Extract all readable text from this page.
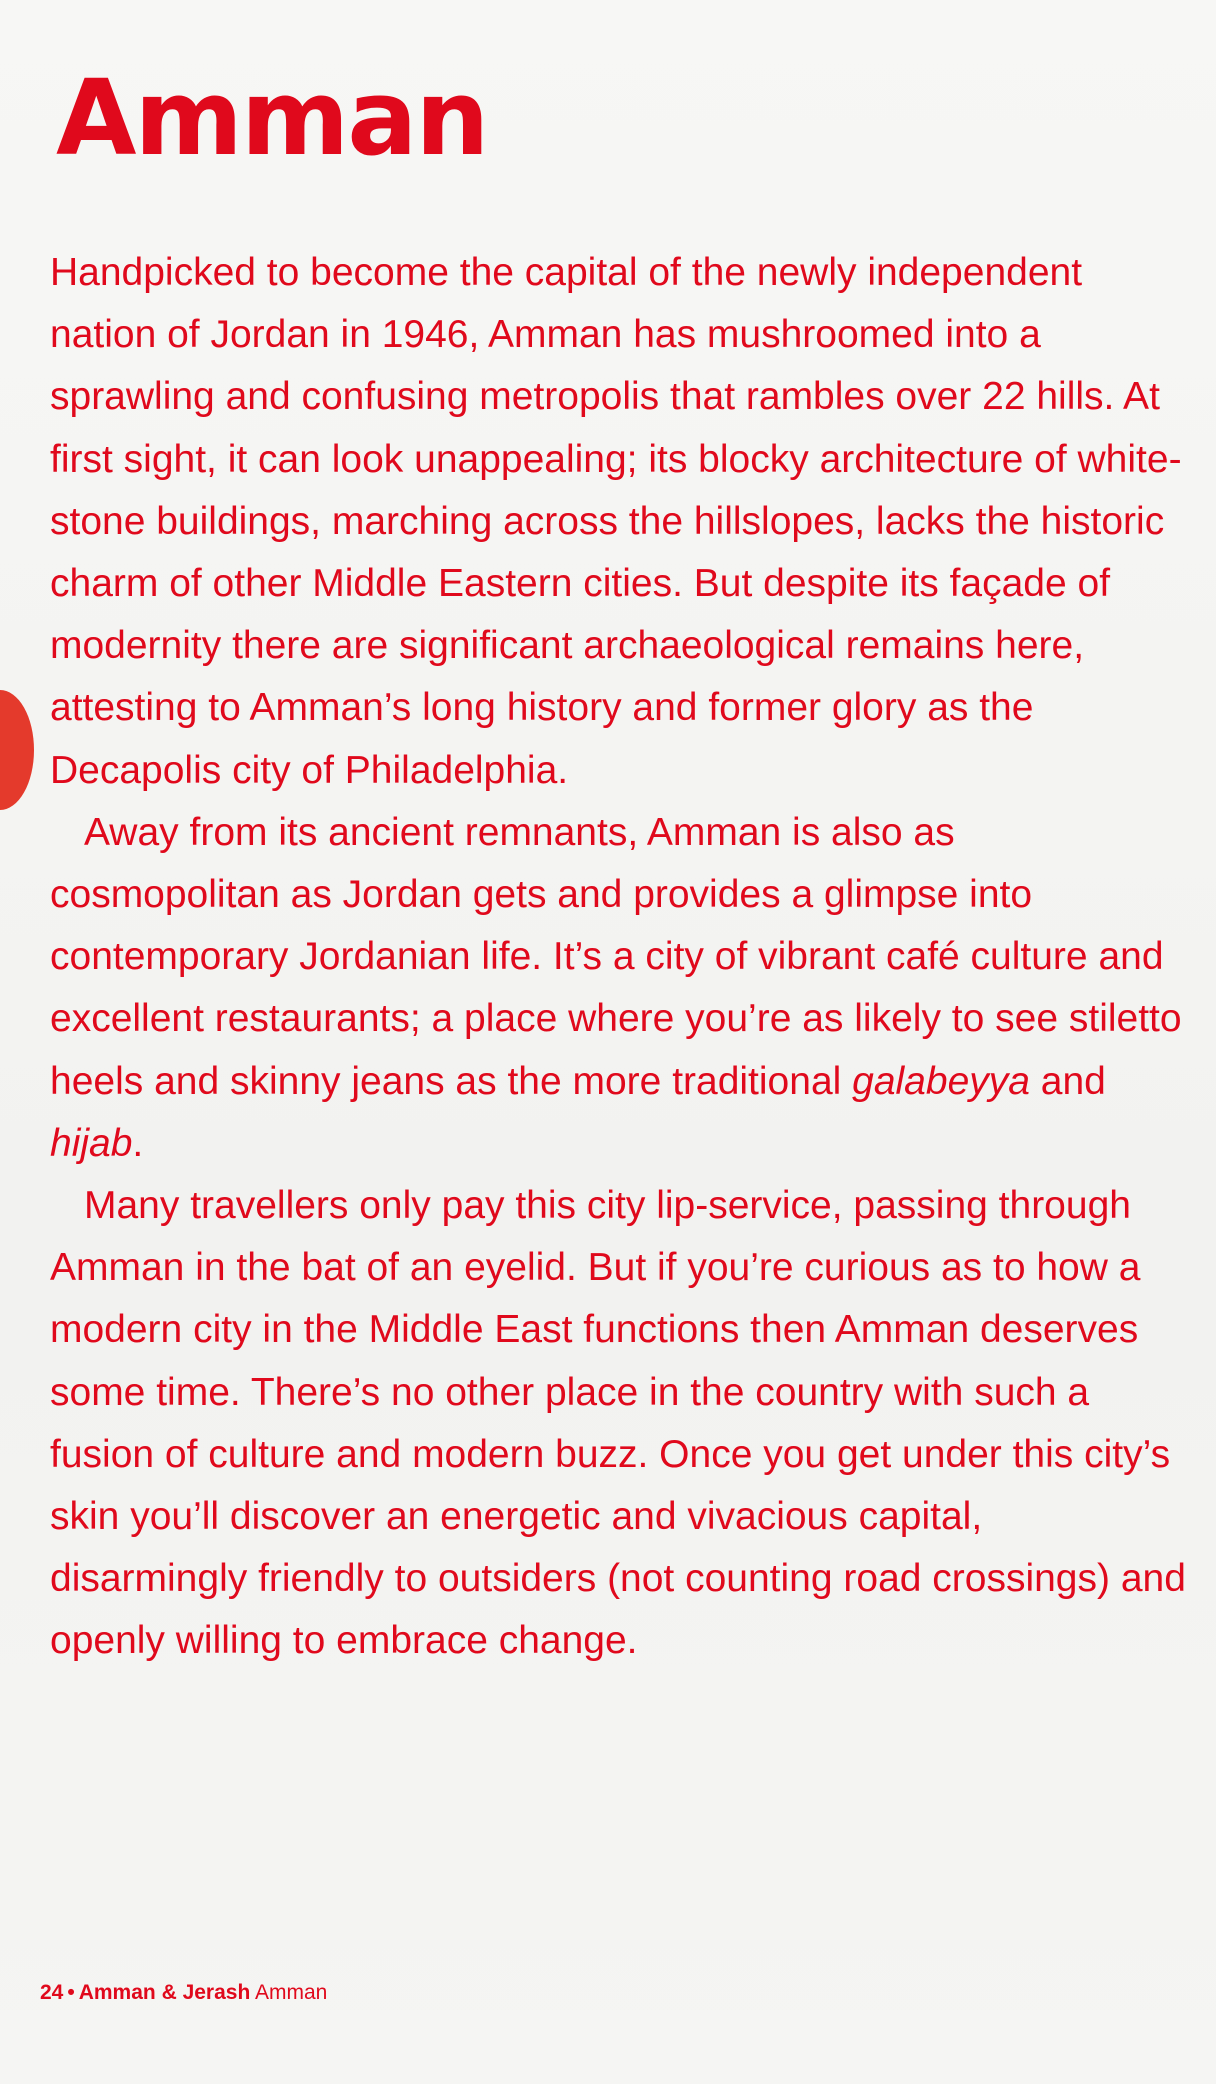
Amman

Handpicked to become the capital of the newly independent nation of Jordan in 1946, Amman has mushroomed into a sprawling and confusing metropolis that rambles over 22 hills. At first sight, it can look unappealing; its blocky architecture of white-stone buildings, marching across the hillslopes, lacks the historic charm of other Middle Eastern cities. But despite its façade of modernity there are significant archaeological remains here, attesting to Amman’s long history and former glory as the Decapolis city of Philadelphia.

Away from its ancient remnants, Amman is also as cosmopolitan as Jordan gets and provides a glimpse into contemporary Jordanian life. It’s a city of vibrant café culture and excellent restaurants; a place where you’re as likely to see stiletto heels and skinny jeans as the more traditional galabeyya and hijab.

Many travellers only pay this city lip-service, passing through Amman in the bat of an eyelid. But if you’re curious as to how a modern city in the Middle East functions then Amman deserves some time. There’s no other place in the country with such a fusion of culture and modern buzz. Once you get under this city’s skin you’ll discover an energetic and vivacious capital, disarmingly friendly to outsiders (not counting road crossings) and openly willing to embrace change.

24 • Amman & Jerash Amman
